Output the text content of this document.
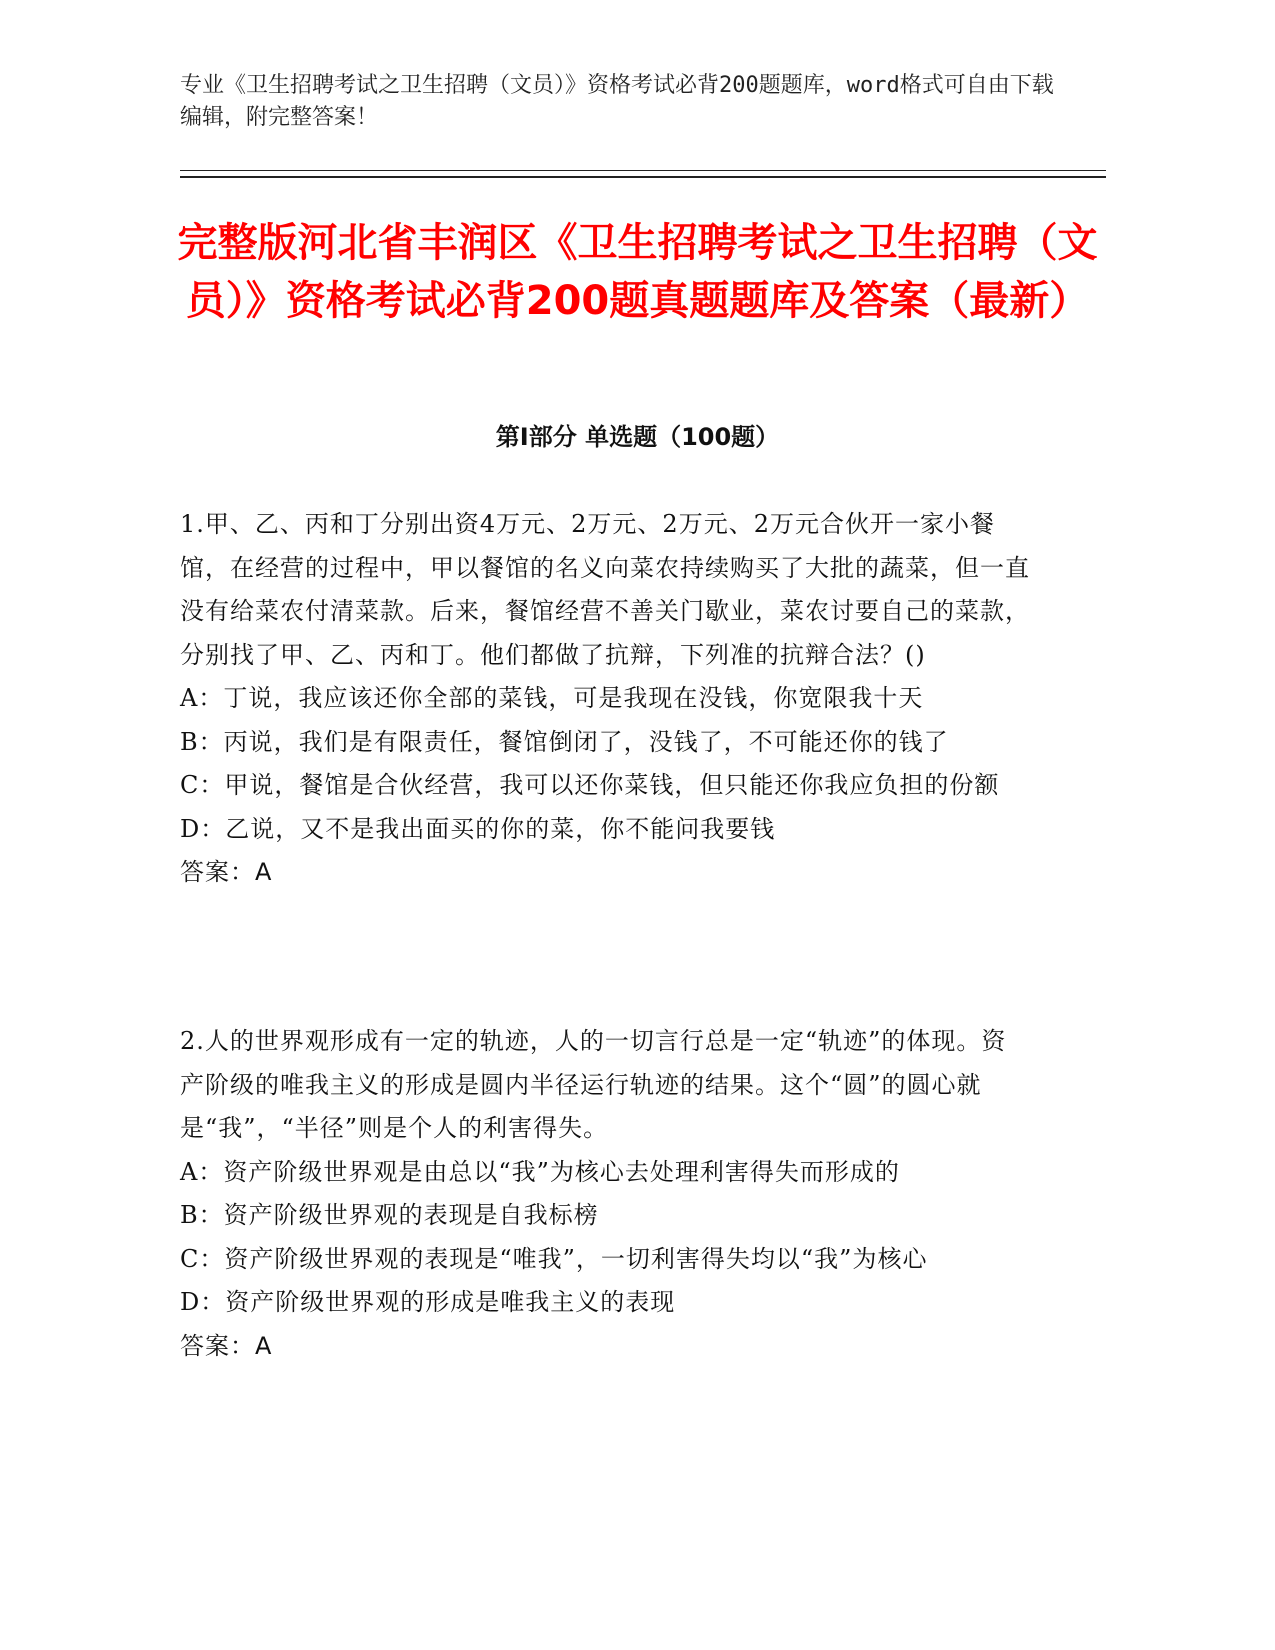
专业《卫生招聘考试之卫生招聘（文员）》资格考试必背200题题库，word格式可自由下载编辑，附完整答案！
完整版河北省丰润区《卫生招聘考试之卫生招聘（文员）》资格考试必背200题真题题库及答案（最新）
第I部分 单选题（100题）

1.甲、乙、丙和丁分别出资4万元、2万元、2万元、2万元合伙开一家小餐馆，在经营的过程中，甲以餐馆的名义向菜农持续购买了大批的蔬菜，但一直没有给菜农付清菜款。后来，餐馆经营不善关门歇业，菜农讨要自己的菜款，分别找了甲、乙、丙和丁。他们都做了抗辩，下列准的抗辩合法？()

A：丁说，我应该还你全部的菜钱，可是我现在没钱，你宽限我十天

B：丙说，我们是有限责任，餐馆倒闭了，没钱了，不可能还你的钱了

C：甲说，餐馆是合伙经营，我可以还你菜钱，但只能还你我应负担的份额

D：乙说，又不是我出面买的你的菜，你不能问我要钱

答案：A

2.人的世界观形成有一定的轨迹，人的一切言行总是一定“轨迹”的体现。资产阶级的唯我主义的形成是圆内半径运行轨迹的结果。这个“圆”的圆心就是“我”，“半径”则是个人的利害得失。

A：资产阶级世界观是由总以“我”为核心去处理利害得失而形成的

B：资产阶级世界观的表现是自我标榜

C：资产阶级世界观的表现是“唯我”，一切利害得失均以“我”为核心

D：资产阶级世界观的形成是唯我主义的表现

答案：A
